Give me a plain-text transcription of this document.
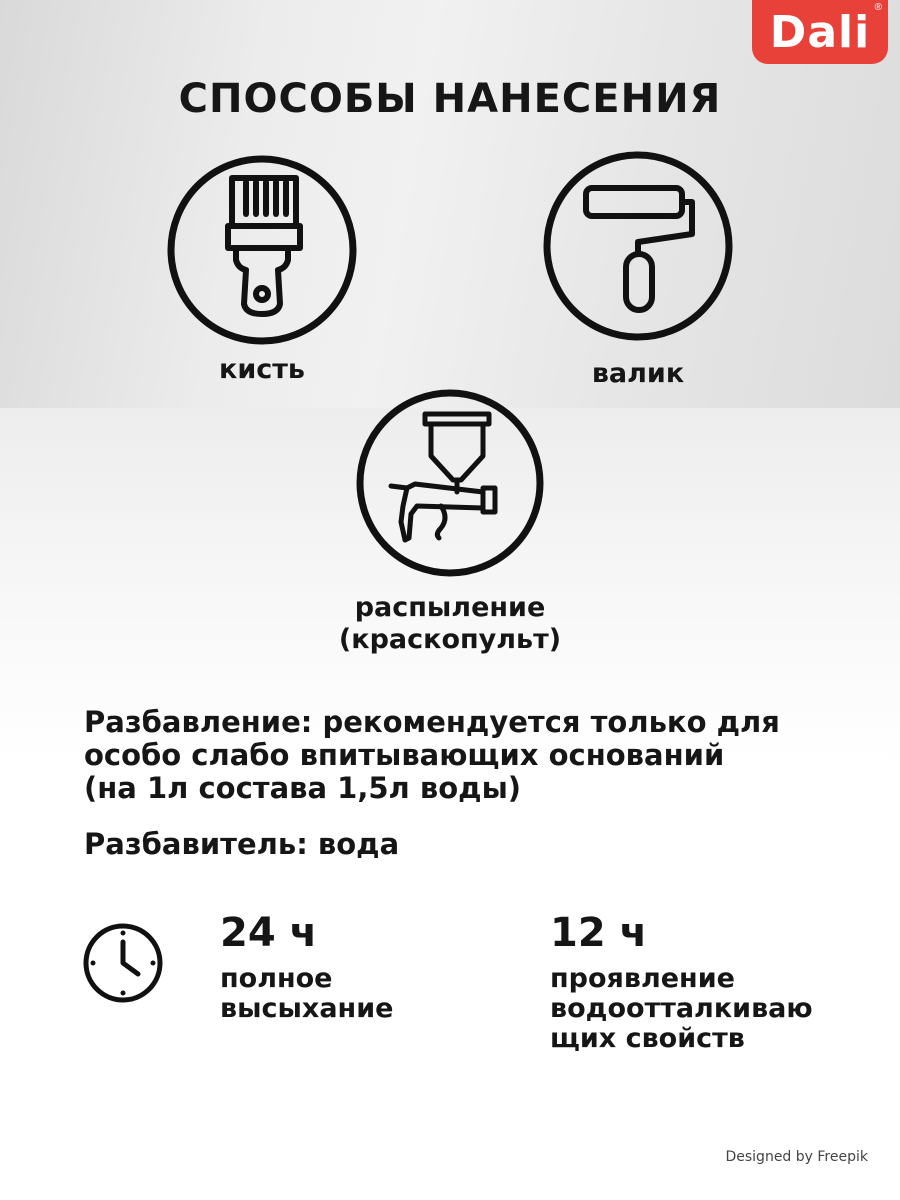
Dali ®
СПОСОБЫ НАНЕСЕНИЯ
кисть	валик
распыление
(краскопульт)
Разбавление: рекомендуется только для
особо слабо впитывающих оснований
(на 1л состава 1,5л воды)
Разбавитель: вода
24 ч
полное
высыхание
12 ч
проявление
водоотталкиваю
щих свойств
Designed by Freepik
